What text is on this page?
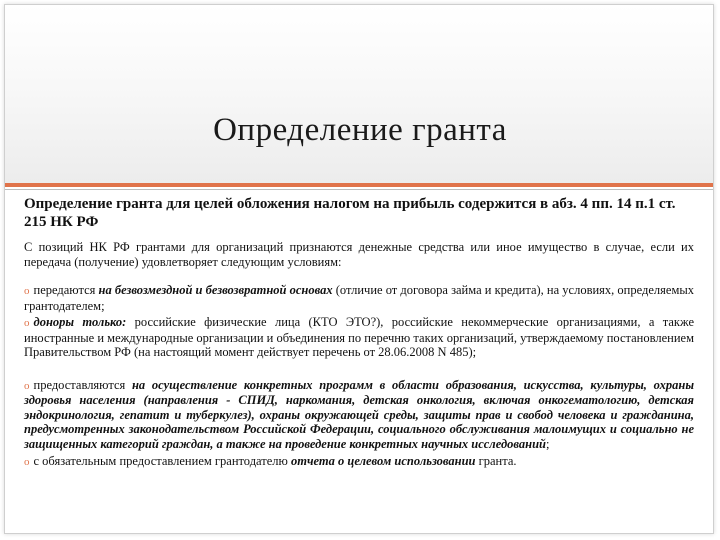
Определение гранта

Определение гранта для целей обложения налогом на прибыль содержится в абз. 4 пп. 14 п.1 ст. 215 НК РФ

С позиций НК РФ грантами для организаций признаются денежные средства или иное имущество в случае, если их передача (получение) удовлетворяет следующим условиям:

o передаются на безвозмездной и безвозвратной основах (отличие от договора займа и кредита), на условиях, определяемых грантодателем;

o доноры только: российские физические лица (КТО ЭТО?), российские некоммерческие организациями, а также иностранные и международные организации и объединения по перечню таких организаций, утверждаемому постановлением Правительством РФ (на настоящий момент действует перечень от 28.06.2008 N 485);

o предоставляются на осуществление конкретных программ в области образования, искусства, культуры, охраны здоровья населения (направления - СПИД, наркомания, детская онкология, включая онкогематологию, детская эндокринология, гепатит и туберкулез), охраны окружающей среды, защиты прав и свобод человека и гражданина, предусмотренных законодательством Российской Федерации, социального обслуживания малоимущих и социально не защищенных категорий граждан, а также на проведение конкретных научных исследований;

o с обязательным предоставлением грантодателю отчета о целевом использовании гранта.
